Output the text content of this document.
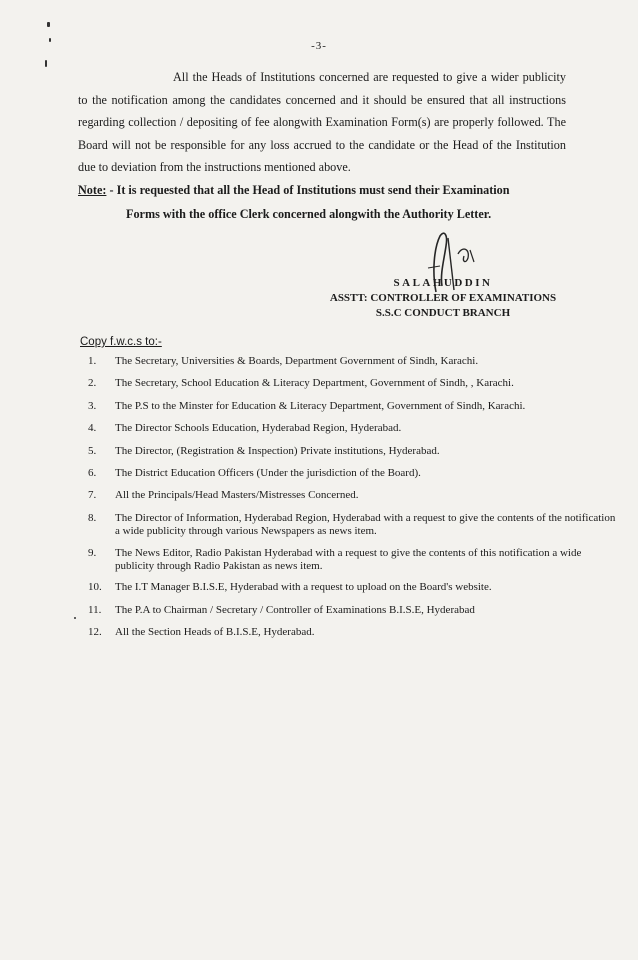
-3-

All the Heads of Institutions concerned are requested to give a wider publicity to the notification among the candidates concerned and it should be ensured that all instructions regarding collection / depositing of fee alongwith Examination Form(s) are properly followed. The Board will not be responsible for any loss accrued to the candidate or the Head of the Institution due to deviation from the instructions mentioned above.

Note: - It is requested that all the Head of Institutions must send their Examination
Forms with the office Clerk concerned alongwith the Authority Letter.

SALAHUDDIN
ASSTT: CONTROLLER OF EXAMINATIONS
S.S.C CONDUCT BRANCH

Copy f.w.c.s to:-

1.	The Secretary, Universities & Boards, Department Government of Sindh, Karachi.
2.	The Secretary, School Education & Literacy Department, Government of Sindh, , Karachi.
3.	The P.S to the Minster for Education & Literacy Department, Government of Sindh, Karachi.
4.	The Director Schools Education, Hyderabad Region, Hyderabad.
5.	The Director, (Registration & Inspection) Private institutions, Hyderabad.
6.	The District Education Officers (Under the jurisdiction of the Board).
7.	All the Principals/Head Masters/Mistresses Concerned.
8.	The Director of Information, Hyderabad Region, Hyderabad with a request to give the contents of the notification a wide publicity through various Newspapers as news item.
9.	The News Editor, Radio Pakistan Hyderabad with a request to give the contents of this notification a wide publicity through Radio Pakistan as news item.
10.	The I.T Manager B.I.S.E, Hyderabad with a request to upload on the Board's website.
11.	The P.A to Chairman / Secretary / Controller of Examinations B.I.S.E, Hyderabad
12.	All the Section Heads of B.I.S.E, Hyderabad.
